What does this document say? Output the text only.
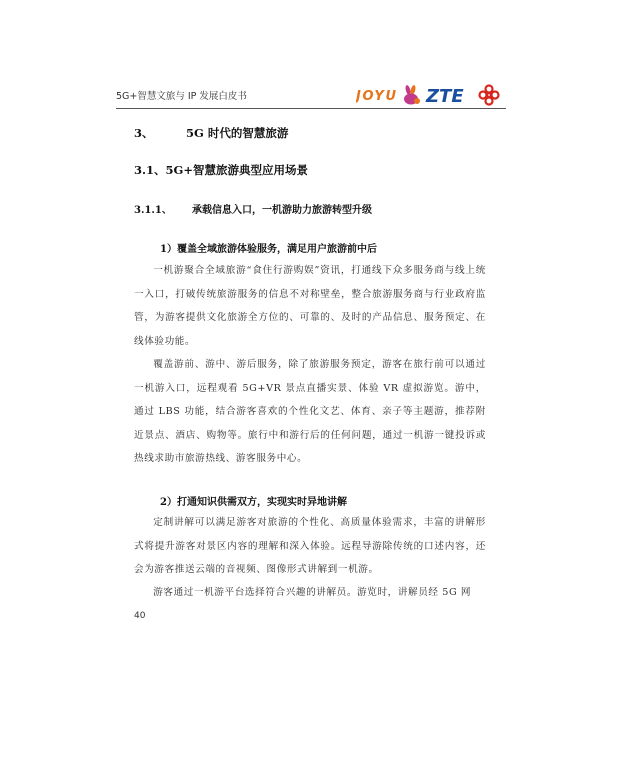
5G+智慧文旅与 IP 发展白皮书	JOYU ZTE
3、	5G 时代的智慧旅游
3.1、5G+智慧旅游典型应用场景
3.1.1、 承载信息入口，一机游助力旅游转型升级
1）覆盖全域旅游体验服务，满足用户旅游前中后

一机游聚合全域旅游“食住行游购娱”资讯，打通线下众多服务商与线上统一入口，打破传统旅游服务的信息不对称壁垒，整合旅游服务商与行业政府监管，为游客提供文化旅游全方位的、可靠的、及时的产品信息、服务预定、在线体验功能。

覆盖游前、游中、游后服务，除了旅游服务预定，游客在旅行前可以通过一机游入口，远程观看 5G+VR 景点直播实景、体验 VR 虚拟游览。游中，通过 LBS 功能，结合游客喜欢的个性化文艺、体育、亲子等主题游，推荐附近景点、酒店、购物等。旅行中和游行后的任何问题，通过一机游一键投诉或热线求助市旅游热线、游客服务中心。

2）打通知识供需双方，实现实时异地讲解

定制讲解可以满足游客对旅游的个性化、高质量体验需求，丰富的讲解形式将提升游客对景区内容的理解和深入体验。远程导游除传统的口述内容，还会为游客推送云端的音视频、图像形式讲解到一机游。

游客通过一机游平台选择符合兴趣的讲解员。游览时，讲解员经 5G 网

40
